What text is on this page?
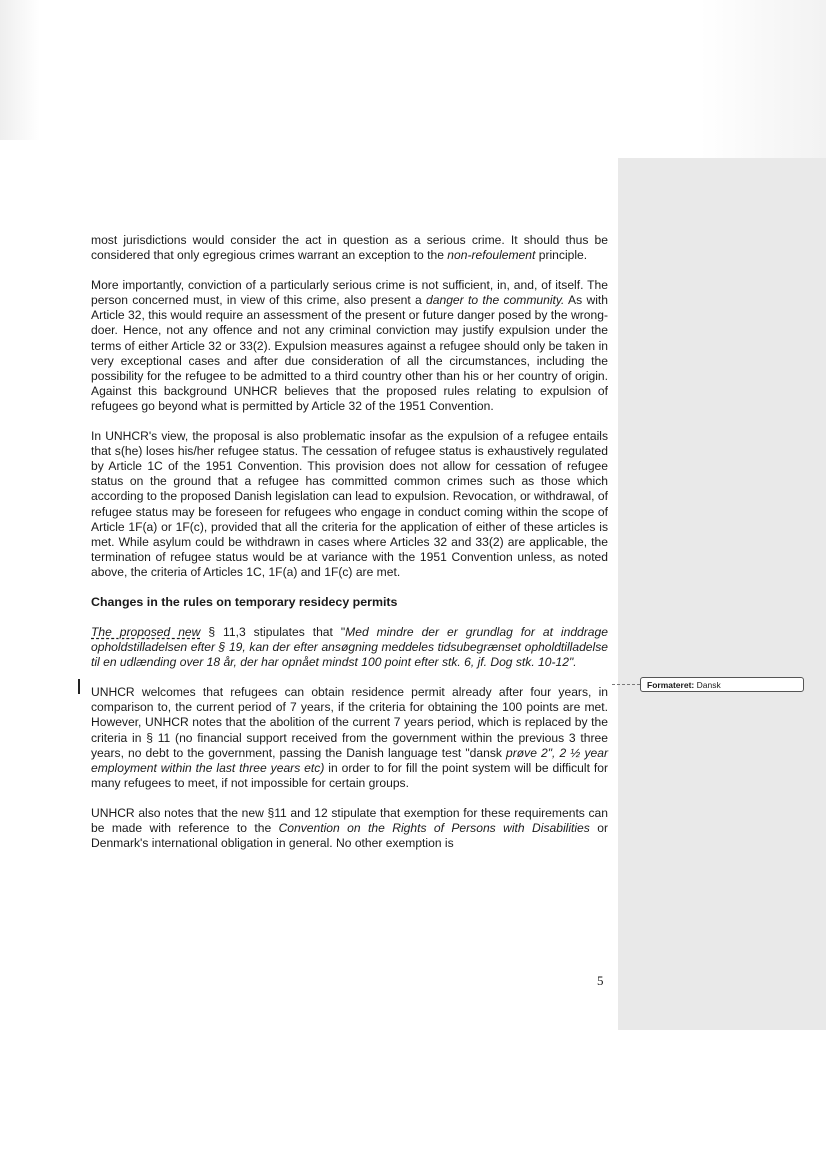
most jurisdictions would consider the act in question as a serious crime. It should thus be considered that only egregious crimes warrant an exception to the non-refoulement principle.

More importantly, conviction of a particularly serious crime is not sufficient, in, and, of itself. The person concerned must, in view of this crime, also present a danger to the community. As with Article 32, this would require an assessment of the present or future danger posed by the wrong-doer. Hence, not any offence and not any criminal conviction may justify expulsion under the terms of either Article 32 or 33(2). Expulsion measures against a refugee should only be taken in very exceptional cases and after due consideration of all the circumstances, including the possibility for the refugee to be admitted to a third country other than his or her country of origin. Against this background UNHCR believes that the proposed rules relating to expulsion of refugees go beyond what is permitted by Article 32 of the 1951 Convention.

In UNHCR's view, the proposal is also problematic insofar as the expulsion of a refugee entails that s(he) loses his/her refugee status. The cessation of refugee status is exhaustively regulated by Article 1C of the 1951 Convention. This provision does not allow for cessation of refugee status on the ground that a refugee has committed common crimes such as those which according to the proposed Danish legislation can lead to expulsion. Revocation, or withdrawal, of refugee status may be foreseen for refugees who engage in conduct coming within the scope of Article 1F(a) or 1F(c), provided that all the criteria for the application of either of these articles is met. While asylum could be withdrawn in cases where Articles 32 and 33(2) are applicable, the termination of refugee status would be at variance with the 1951 Convention unless, as noted above, the criteria of Articles 1C, 1F(a) and 1F(c) are met.

Changes in the rules on temporary residecy permits

The proposed new § 11,3 stipulates that "Med mindre der er grundlag for at inddrage opholdstilladelsen efter § 19, kan der efter ansøgning meddeles tidsubegrænset opholdtilladelse til en udlænding over 18 år, der har opnået mindst 100 point efter stk. 6, jf. Dog stk. 10-12".

UNHCR welcomes that refugees can obtain residence permit already after four years, in comparison to, the current period of 7 years, if the criteria for obtaining the 100 points are met. However, UNHCR notes that the abolition of the current 7 years period, which is replaced by the criteria in § 11 (no financial support received from the government within the previous 3 three years, no debt to the government, passing the Danish language test "dansk prøve 2", 2 ½ year employment within the last three years etc) in order to for fill the point system will be difficult for many refugees to meet, if not impossible for certain groups.

UNHCR also notes that the new §11 and 12 stipulate that exemption for these requirements can be made with reference to the Convention on the Rights of Persons with Disabilities or Denmark's international obligation in general. No other exemption is

Formateret: Dansk
5
